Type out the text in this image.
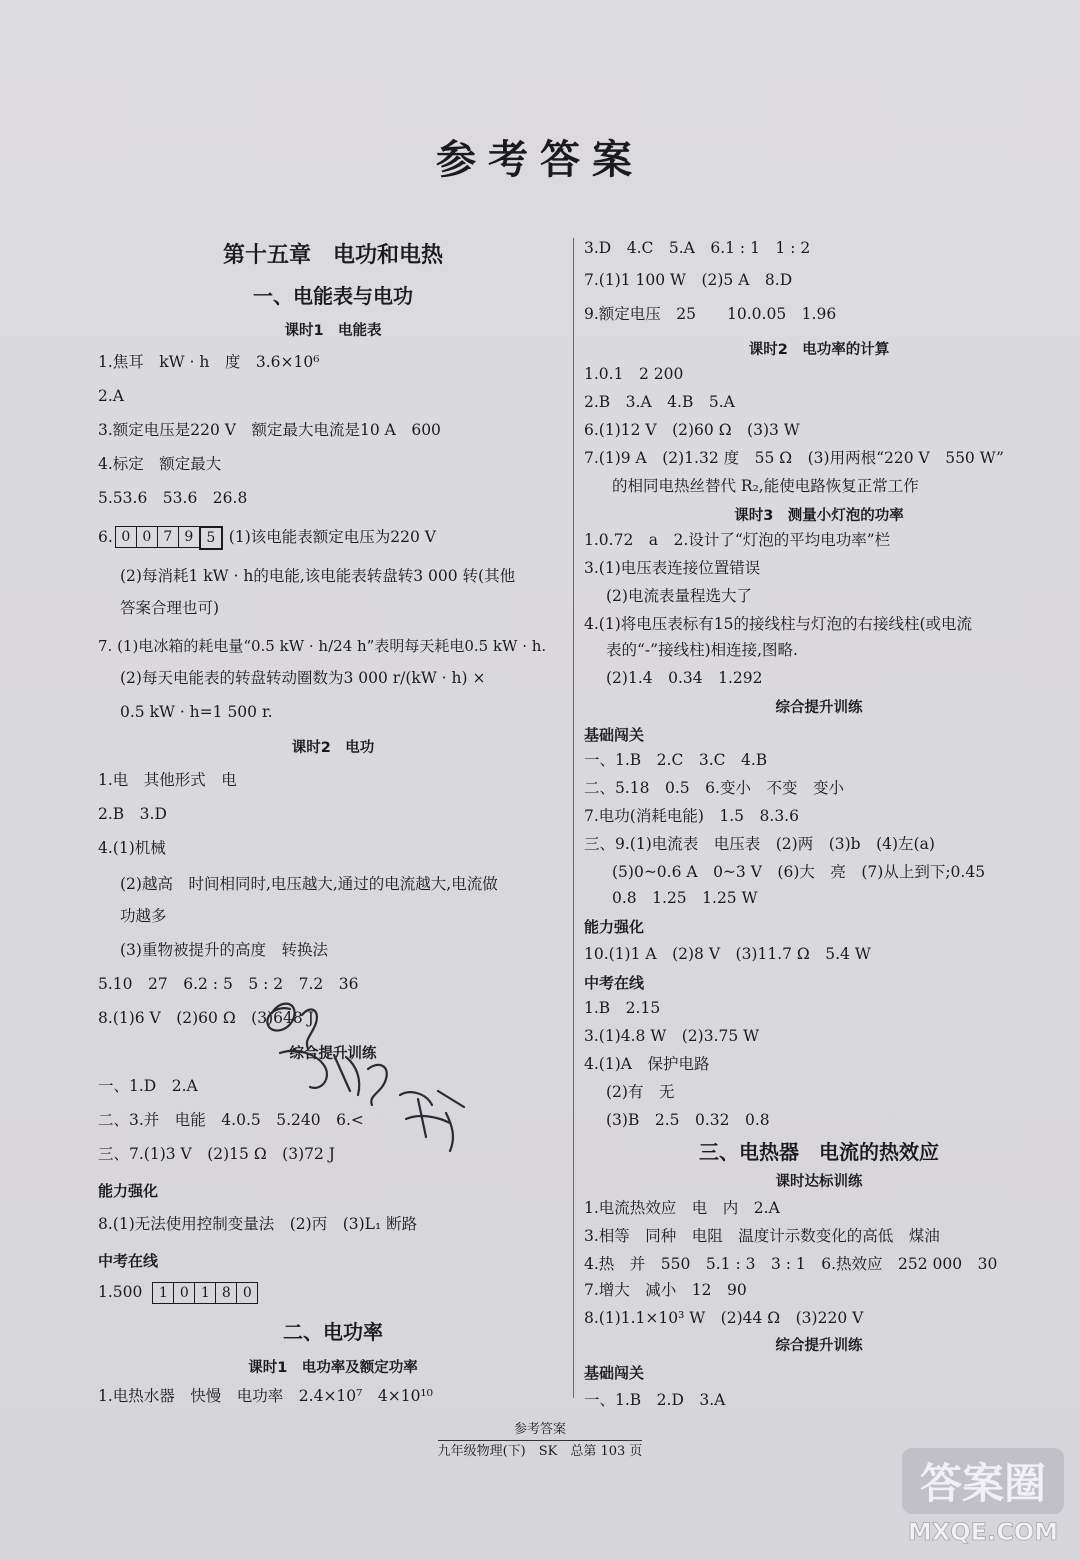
参考答案
第十五章　电功和电热
一、电能表与电功
课时1　电能表
1.焦耳　kW · h　度　3.6×10⁶
2.A
3.额定电压是220 V　额定最大电流是10 A　600
4.标定　额定最大
5.53.6　53.6　26.8
6. 0 0 7 9 5 (1)该电能表额定电压为220 V
(2)每消耗1 kW · h的电能,该电能表转盘转3 000 转(其他
答案合理也可)
7. (1)电冰箱的耗电量“0.5 kW · h/24 h”表明每天耗电0.5 kW · h.
(2)每天电能表的转盘转动圈数为3 000 r/(kW · h) ×
0.5 kW · h=1 500 r.
课时2　电功
1.电　其他形式　电
2.B　3.D
4.(1)机械
(2)越高　时间相同时,电压越大,通过的电流越大,电流做
功越多
(3)重物被提升的高度　转换法
5.10　27　6.2 : 5　5 : 2　7.2　36
8.(1)6 V　(2)60 Ω　(3)648 J
综合提升训练
一、1.D　2.A
二、3.并　电能　4.0.5　5.240　6.<
三、7.(1)3 V　(2)15 Ω　(3)72 J
能力强化
8.(1)无法使用控制变量法　(2)丙　(3)L₁ 断路
中考在线
1.500	1 0 1 8 0
二、电功率
课时1　电功率及额定功率
1.电热水器　快慢　电功率　2.4×10⁷　4×10¹⁰
3.D　4.C　5.A　6.1 : 1　1 : 2
7.(1)1 100 W　(2)5 A　8.D
9.额定电压　25　　10.0.05　1.96
课时2　电功率的计算
1.0.1　2 200
2.B　3.A　4.B　5.A
6.(1)12 V　(2)60 Ω　(3)3 W
7.(1)9 A　(2)1.32 度　55 Ω　(3)用两根“220 V　550 W”
的相同电热丝替代 R₂,能使电路恢复正常工作
课时3　测量小灯泡的功率
1.0.72　a　2.设计了“灯泡的平均电功率”栏
3.(1)电压表连接位置错误
(2)电流表量程选大了
4.(1)将电压表标有15的接线柱与灯泡的右接线柱(或电流
表的“-”接线柱)相连接,图略.
(2)1.4　0.34　1.292
综合提升训练
基础闯关
一、1.B　2.C　3.C　4.B
二、5.18　0.5　6.变小　不变　变小
7.电功(消耗电能)　1.5　8.3.6
三、9.(1)电流表　电压表　(2)两　(3)b　(4)左(a)
(5)0~0.6 A　0~3 V　(6)大　亮　(7)从上到下;0.45
0.8　1.25　1.25 W
能力强化
10.(1)1 A　(2)8 V　(3)11.7 Ω　5.4 W
中考在线
1.B　2.15
3.(1)4.8 W　(2)3.75 W
4.(1)A　保护电路
(2)有　无
(3)B　2.5　0.32　0.8
三、电热器　电流的热效应
课时达标训练
1.电流热效应　电　内　2.A
3.相等　同种　电阻　温度计示数变化的高低　煤油
4.热　并　550　5.1 : 3　3 : 1　6.热效应　252 000　30
7.增大　减小　12　90
8.(1)1.1×10³ W　(2)44 Ω　(3)220 V
综合提升训练
基础闯关
一、1.B　2.D　3.A
参考答案
九年级物理(下)　SK　总第 103 页
答案圈
MXQE.COM
